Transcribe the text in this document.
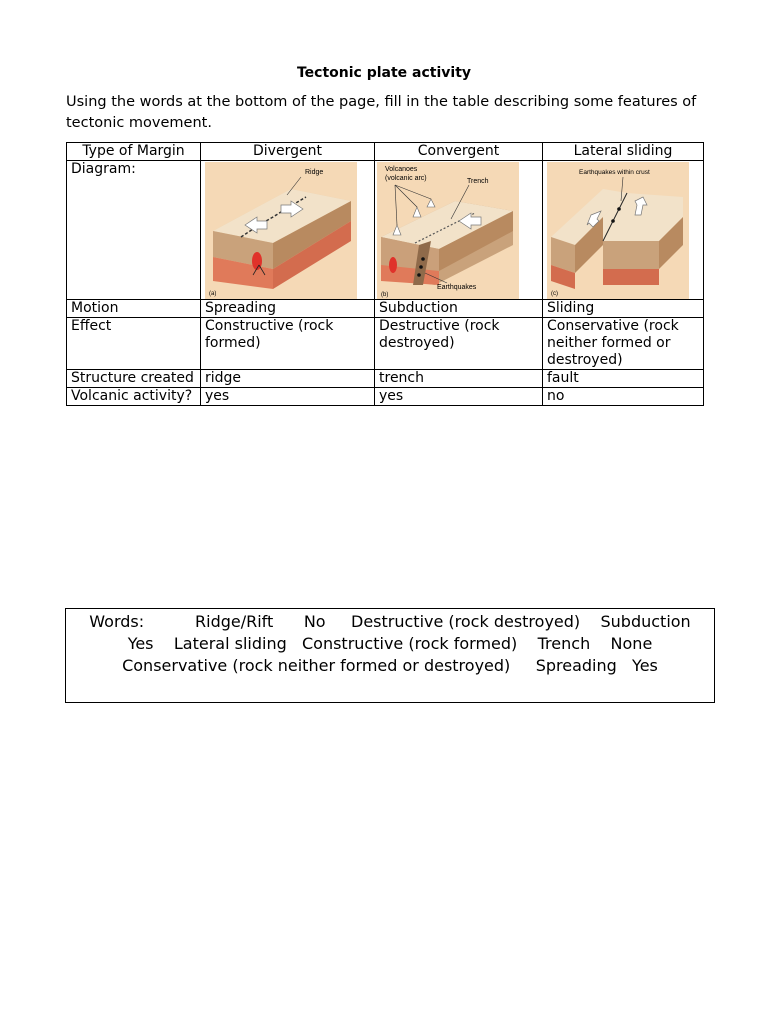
Tectonic plate activity
Using the words at the bottom of the page, fill in the table describing some features of tectonic movement.
Type of Margin	Divergent	Convergent	Lateral sliding
Diagram:	Ridge
(a)	Volcanoes
(volcanic arc) Trench
Earthquakes
(b)	Earthquakes within crust
(c)

Motion	Spreading	Subduction	Sliding
Effect	Constructive (rock formed)	Destructive (rock destroyed)	Conservative (rock neither formed or destroyed)
Structure created	ridge	trench	fault
Volcanic activity?	yes	yes	no
Words:          Ridge/Rift      No     Destructive (rock destroyed)    Subduction
Yes    Lateral sliding   Constructive (rock formed)    Trench    None
Conservative (rock neither formed or destroyed)     Spreading   Yes
